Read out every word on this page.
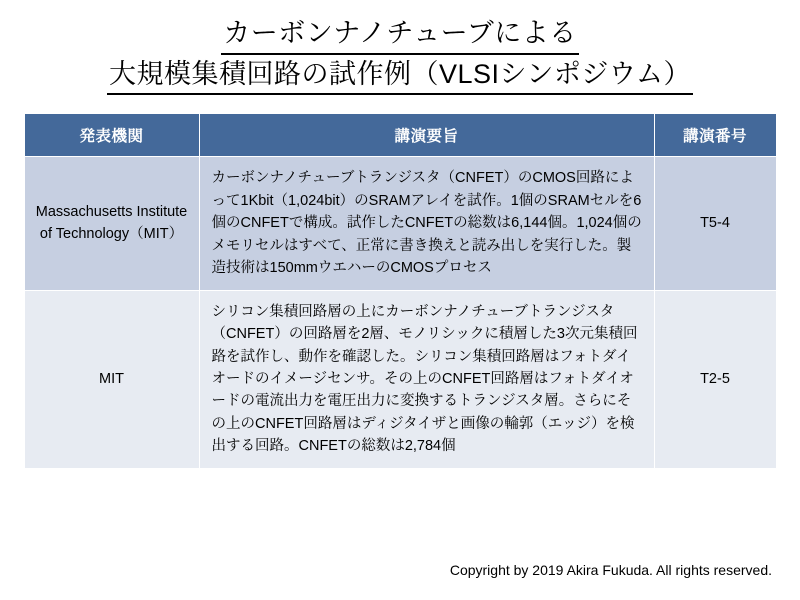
カーボンナノチューブによる
大規模集積回路の試作例（VLSIシンポジウム）
発表機関	講演要旨	講演番号
Massachusetts Institute of Technology（MIT）	カーボンナノチューブトランジスタ（CNFET）のCMOS回路によって1Kbit（1,024bit）のSRAMアレイを試作。1個のSRAMセルを6個のCNFETで構成。試作したCNFETの総数は6,144個。1,024個のメモリセルはすべて、正常に書き換えと読み出しを実行した。製造技術は150mmウエハーのCMOSプロセス	T5-4
MIT	シリコン集積回路層の上にカーボンナノチューブトランジスタ（CNFET）の回路層を2層、モノリシックに積層した3次元集積回路を試作し、動作を確認した。シリコン集積回路層はフォトダイオードのイメージセンサ。その上のCNFET回路層はフォトダイオードの電流出力を電圧出力に変換するトランジスタ層。さらにその上のCNFET回路層はディジタイザと画像の輪郭（エッジ）を検出する回路。CNFETの総数は2,784個	T2-5
Copyright by 2019 Akira Fukuda. All rights reserved.
